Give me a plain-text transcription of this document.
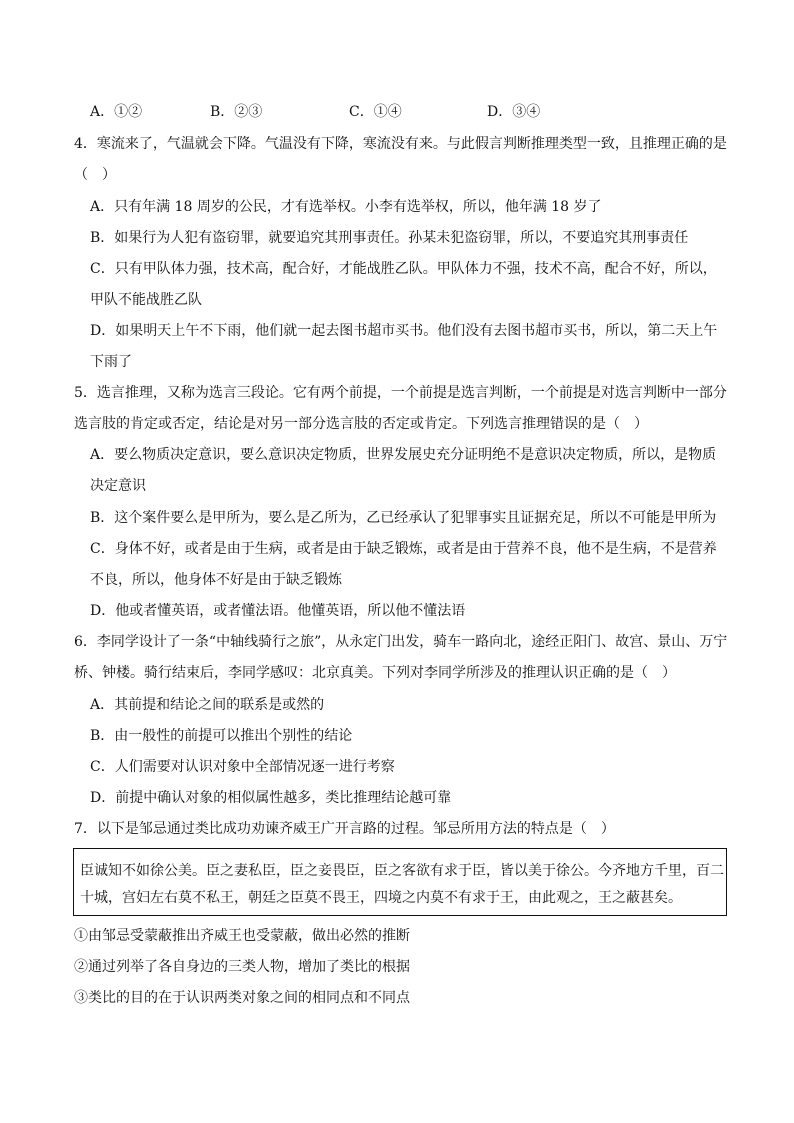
A．①②	B．②③	C．①④	D．③④
4．寒流来了，气温就会下降。气温没有下降，寒流没有来。与此假言判断推理类型一致，且推理正确的是
（　）
A．只有年满 18 周岁的公民，才有选举权。小李有选举权，所以，他年满 18 岁了
B．如果行为人犯有盗窃罪，就要追究其刑事责任。孙某未犯盗窃罪，所以，不要追究其刑事责任
C．只有甲队体力强，技术高，配合好，才能战胜乙队。甲队体力不强，技术不高，配合不好，所以，
甲队不能战胜乙队
D．如果明天上午不下雨，他们就一起去图书超市买书。他们没有去图书超市买书，所以，第二天上午
下雨了
5．选言推理，又称为选言三段论。它有两个前提，一个前提是选言判断，一个前提是对选言判断中一部分
选言肢的肯定或否定，结论是对另一部分选言肢的否定或肯定。下列选言推理错误的是（　）
A．要么物质决定意识，要么意识决定物质，世界发展史充分证明绝不是意识决定物质，所以，是物质
决定意识
B．这个案件要么是甲所为，要么是乙所为，乙已经承认了犯罪事实且证据充足，所以不可能是甲所为
C．身体不好，或者是由于生病，或者是由于缺乏锻炼，或者是由于营养不良，他不是生病，不是营养
不良，所以，他身体不好是由于缺乏锻炼
D．他或者懂英语，或者懂法语。他懂英语，所以他不懂法语
6．李同学设计了一条“中轴线骑行之旅”，从永定门出发，骑车一路向北，途经正阳门、故宫、景山、万宁
桥、钟楼。骑行结束后，李同学感叹：北京真美。下列对李同学所涉及的推理认识正确的是（　）
A．其前提和结论之间的联系是或然的
B．由一般性的前提可以推出个别性的结论
C．人们需要对认识对象中全部情况逐一进行考察
D．前提中确认对象的相似属性越多，类比推理结论越可靠
7．以下是邹忌通过类比成功劝谏齐威王广开言路的过程。邹忌所用方法的特点是（　）
臣诚知不如徐公美。臣之妻私臣，臣之妾畏臣，臣之客欲有求于臣，皆以美于徐公。今齐地方千里，百二
十城，宫妇左右莫不私王，朝廷之臣莫不畏王，四境之内莫不有求于王，由此观之，王之蔽甚矣。
①由邹忌受蒙蔽推出齐威王也受蒙蔽，做出必然的推断
②通过列举了各自身边的三类人物，增加了类比的根据
③类比的目的在于认识两类对象之间的相同点和不同点
